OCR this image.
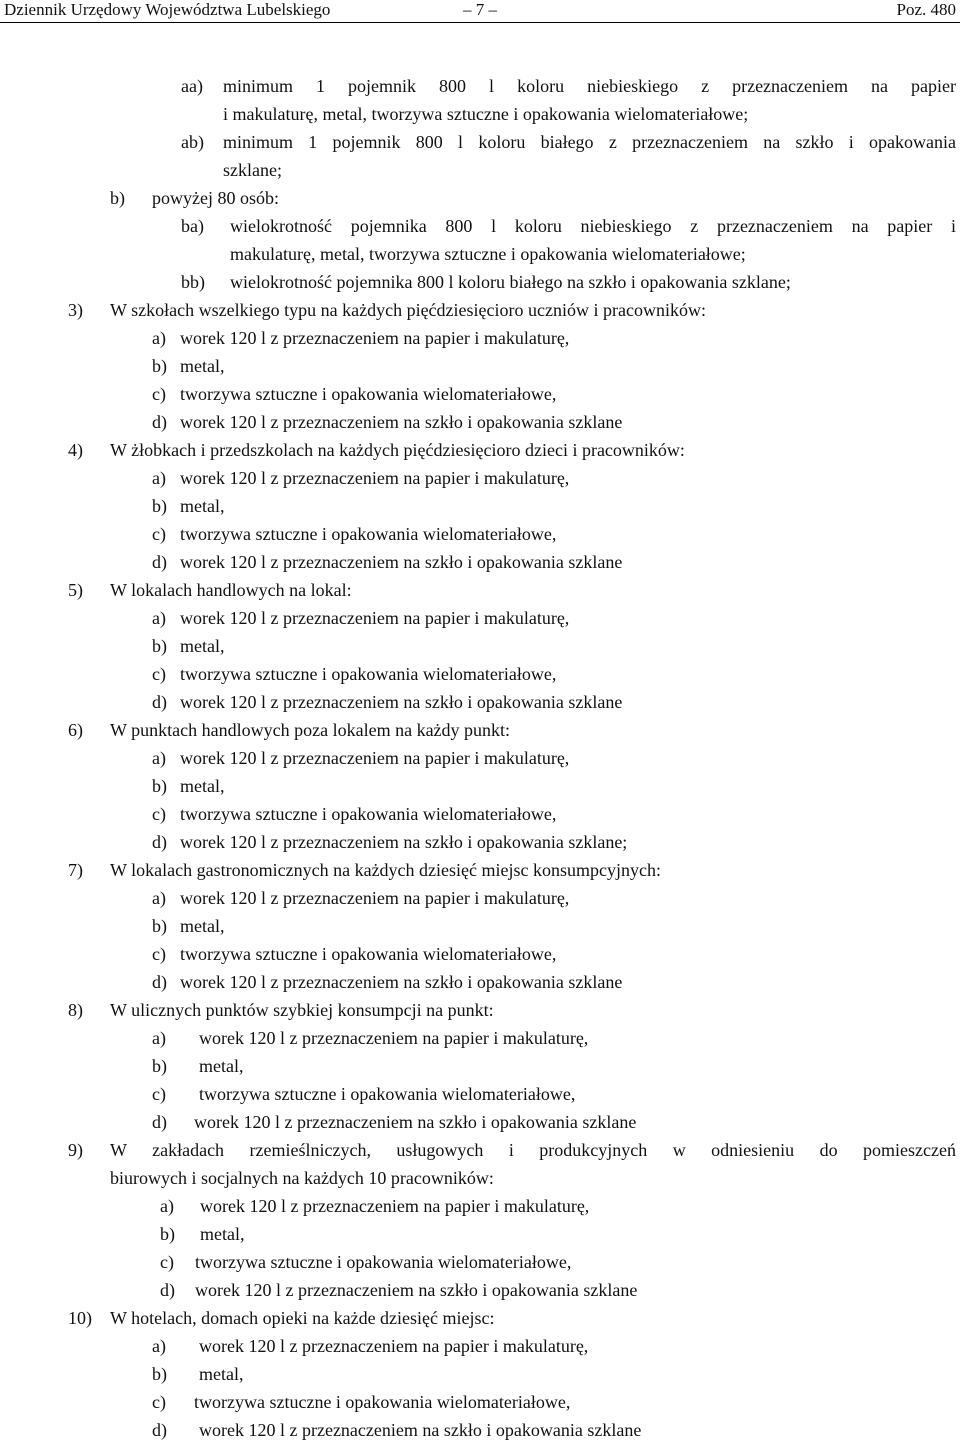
Dziennik Urzędowy Województwa Lubelskiego	– 7 –	Poz. 480
aa)	minimum 1 pojemnik 800 l koloru niebieskiego z przeznaczeniem na papier
i makulaturę, metal, tworzywa sztuczne i opakowania wielomateriałowe;
ab)	minimum 1 pojemnik 800 l koloru białego z przeznaczeniem na szkło i opakowania
szklane;
b)	powyżej 80 osób:
ba)	wielokrotność pojemnika 800 l koloru niebieskiego z przeznaczeniem na papier i
makulaturę, metal, tworzywa sztuczne i opakowania wielomateriałowe;
bb)	wielokrotność pojemnika 800 l koloru białego na szkło i opakowania szklane;
3)	W szkołach wszelkiego typu na każdych pięćdziesięcioro uczniów i pracowników:
a) worek 120 l z przeznaczeniem na papier i makulaturę,
b) metal,
c) tworzywa sztuczne i opakowania wielomateriałowe,
d) worek 120 l z przeznaczeniem na szkło i opakowania szklane
4)	W żłobkach i przedszkolach na każdych pięćdziesięcioro dzieci i pracowników:
a) worek 120 l z przeznaczeniem na papier i makulaturę,
b) metal,
c) tworzywa sztuczne i opakowania wielomateriałowe,
d) worek 120 l z przeznaczeniem na szkło i opakowania szklane
5)	W lokalach handlowych na lokal:
a) worek 120 l z przeznaczeniem na papier i makulaturę,
b) metal,
c) tworzywa sztuczne i opakowania wielomateriałowe,
d) worek 120 l z przeznaczeniem na szkło i opakowania szklane
6)	W punktach handlowych poza lokalem na każdy punkt:
a) worek 120 l z przeznaczeniem na papier i makulaturę,
b) metal,
c) tworzywa sztuczne i opakowania wielomateriałowe,
d) worek 120 l z przeznaczeniem na szkło i opakowania szklane;
7)	W lokalach gastronomicznych na każdych dziesięć miejsc konsumpcyjnych:
a) worek 120 l z przeznaczeniem na papier i makulaturę,
b) metal,
c) tworzywa sztuczne i opakowania wielomateriałowe,
d) worek 120 l z przeznaczeniem na szkło i opakowania szklane
8)	W ulicznych punktów szybkiej konsumpcji na punkt:
a) worek 120 l z przeznaczeniem na papier i makulaturę,
b) metal,
c) tworzywa sztuczne i opakowania wielomateriałowe,
d) worek 120 l z przeznaczeniem na szkło i opakowania szklane
9)	W zakładach rzemieślniczych, usługowych i produkcyjnych w odniesieniu do pomieszczeń
biurowych i socjalnych na każdych 10 pracowników:
a) worek 120 l z przeznaczeniem na papier i makulaturę,
b) metal,
c) tworzywa sztuczne i opakowania wielomateriałowe,
d) worek 120 l z przeznaczeniem na szkło i opakowania szklane
10)	W hotelach, domach opieki na każde dziesięć miejsc:
a) worek 120 l z przeznaczeniem na papier i makulaturę,
b) metal,
c) tworzywa sztuczne i opakowania wielomateriałowe,
d) worek 120 l z przeznaczeniem na szkło i opakowania szklane
